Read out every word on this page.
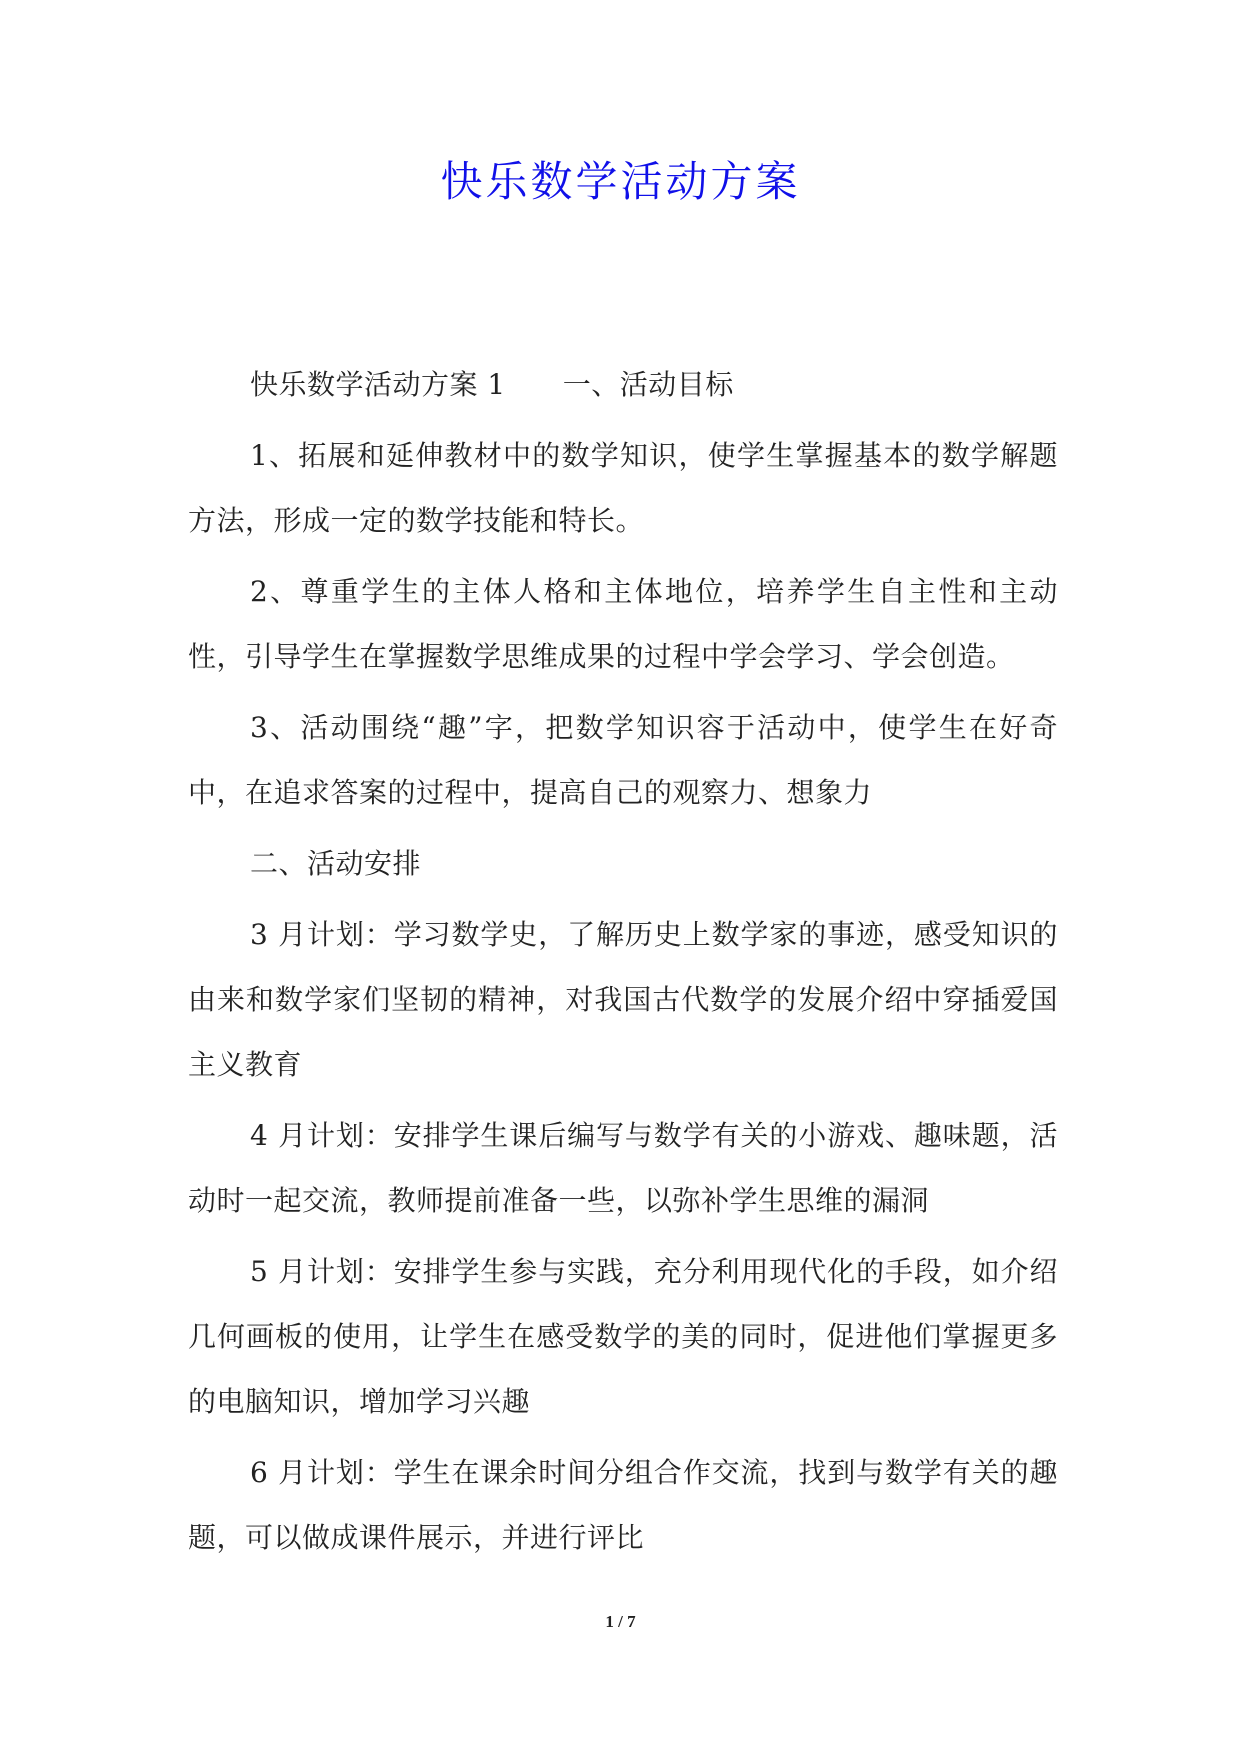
快乐数学活动方案

快乐数学活动方案 1　　一、活动目标

1、拓展和延伸教材中的数学知识，使学生掌握基本的数学解题方法，形成一定的数学技能和特长。

2、尊重学生的主体人格和主体地位，培养学生自主性和主动性，引导学生在掌握数学思维成果的过程中学会学习、学会创造。

3、活动围绕“趣”字，把数学知识容于活动中，使学生在好奇中，在追求答案的过程中，提高自己的观察力、想象力

二、活动安排

3 月计划：学习数学史，了解历史上数学家的事迹，感受知识的由来和数学家们坚韧的精神，对我国古代数学的发展介绍中穿插爱国主义教育

4 月计划：安排学生课后编写与数学有关的小游戏、趣味题，活动时一起交流，教师提前准备一些，以弥补学生思维的漏洞

5 月计划：安排学生参与实践，充分利用现代化的手段，如介绍几何画板的使用，让学生在感受数学的美的同时，促进他们掌握更多的电脑知识，增加学习兴趣

6 月计划：学生在课余时间分组合作交流，找到与数学有关的趣题，可以做成课件展示，并进行评比

1 / 7
